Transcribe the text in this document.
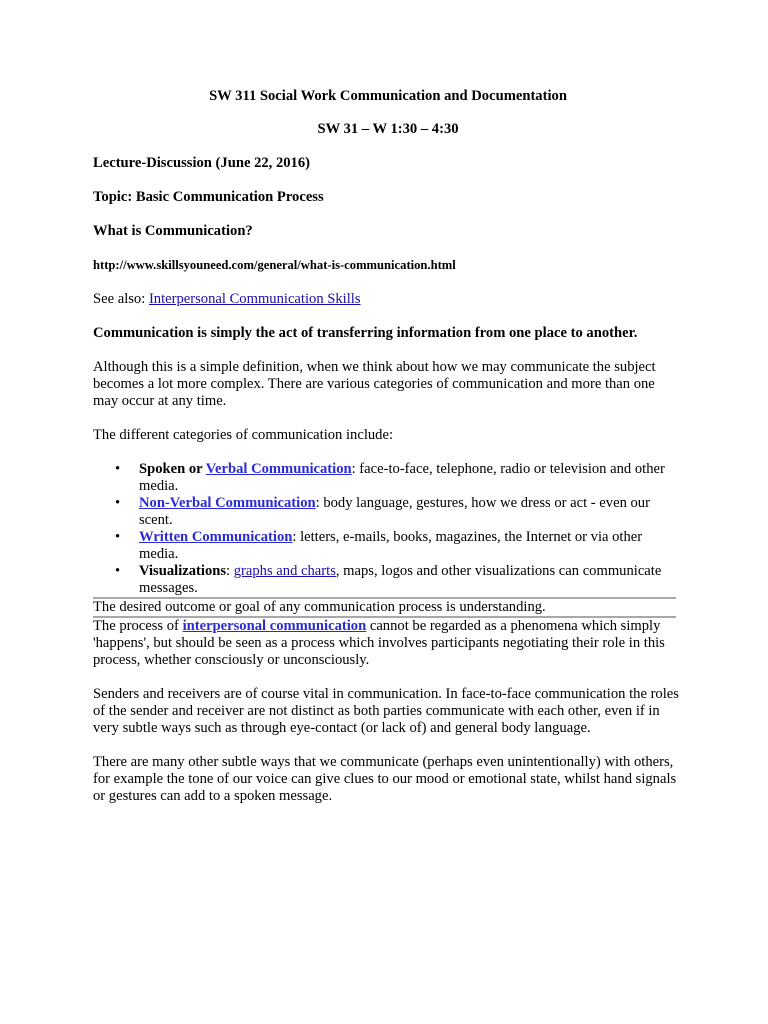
SW 311 Social Work Communication and Documentation

SW 31 – W 1:30 – 4:30

Lecture-Discussion (June 22, 2016)

Topic: Basic Communication Process

What is Communication?

http://www.skillsyouneed.com/general/what-is-communication.html

See also: Interpersonal Communication Skills

Communication is simply the act of transferring information from one place to another.

Although this is a simple definition, when we think about how we may communicate the subject becomes a lot more complex. There are various categories of communication and more than one may occur at any time.

The different categories of communication include:

• Spoken or Verbal Communication: face-to-face, telephone, radio or television and other media.
• Non-Verbal Communication: body language, gestures, how we dress or act - even our scent.
• Written Communication: letters, e-mails, books, magazines, the Internet or via other media.
• Visualizations: graphs and charts, maps, logos and other visualizations can communicate messages.

The desired outcome or goal of any communication process is understanding.

The process of interpersonal communication cannot be regarded as a phenomena which simply 'happens', but should be seen as a process which involves participants negotiating their role in this process, whether consciously or unconsciously.

Senders and receivers are of course vital in communication. In face-to-face communication the roles of the sender and receiver are not distinct as both parties communicate with each other, even if in very subtle ways such as through eye-contact (or lack of) and general body language.

There are many other subtle ways that we communicate (perhaps even unintentionally) with others, for example the tone of our voice can give clues to our mood or emotional state, whilst hand signals or gestures can add to a spoken message.
